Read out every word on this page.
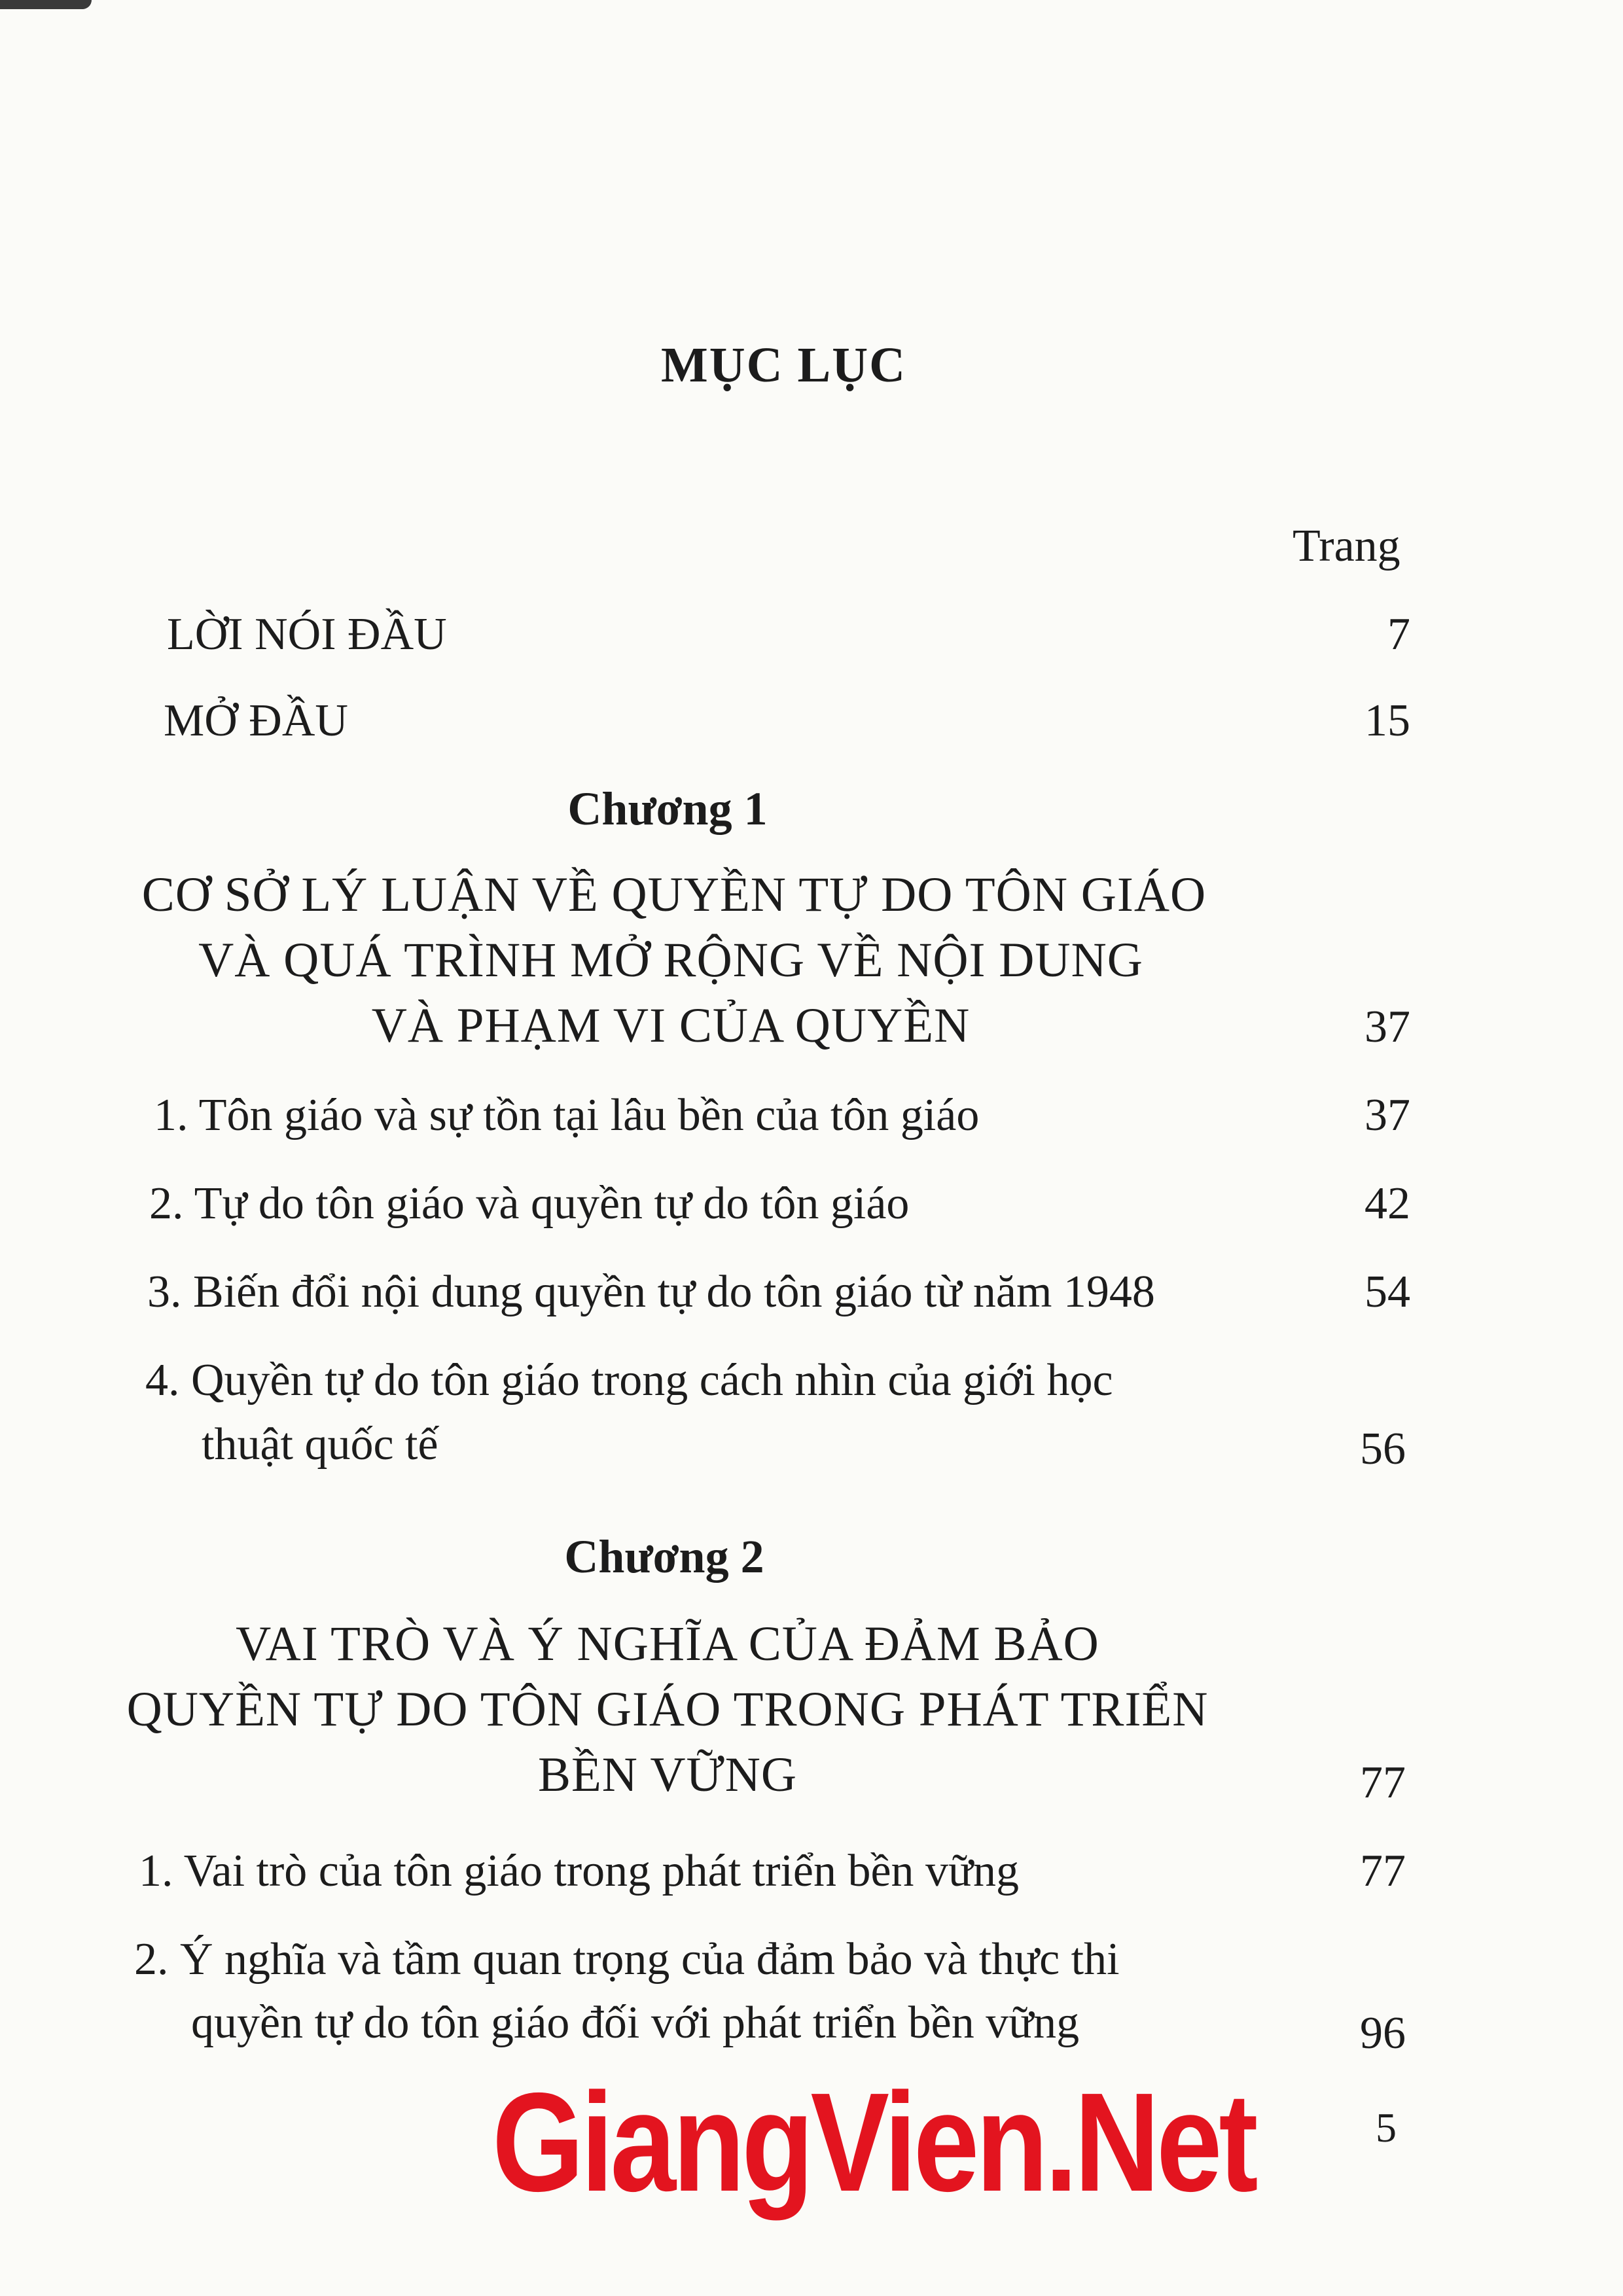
MỤC LỤC
Trang
LỜI NÓI ĐẦU	7
MỞ ĐẦU	15
Chương 1
CƠ SỞ LÝ LUẬN VỀ QUYỀN TỰ DO TÔN GIÁO
VÀ QUÁ TRÌNH MỞ RỘNG VỀ NỘI DUNG
VÀ PHẠM VI CỦA QUYỀN	37
1. Tôn giáo và sự tồn tại lâu bền của tôn giáo	37
2. Tự do tôn giáo và quyền tự do tôn giáo	42
3. Biến đổi nội dung quyền tự do tôn giáo từ năm 1948	54
4. Quyền tự do tôn giáo trong cách nhìn của giới học
thuật quốc tế	56
Chương 2
VAI TRÒ VÀ Ý NGHĨA CỦA ĐẢM BẢO
QUYỀN TỰ DO TÔN GIÁO TRONG PHÁT TRIỂN
BỀN VỮNG	77
1. Vai trò của tôn giáo trong phát triển bền vững	77
2. Ý nghĩa và tầm quan trọng của đảm bảo và thực thi
quyền tự do tôn giáo đối với phát triển bền vững	96
GiangVien.Net	5
